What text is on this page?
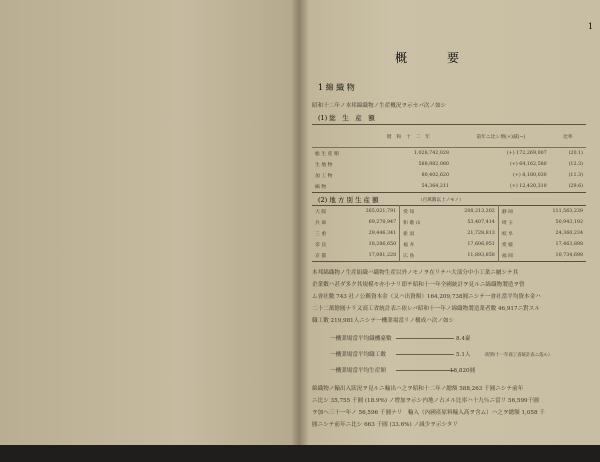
1
概　要
1 綿 織 物
昭和十二年ノ本邦綿織物ノ生産概況ヲ示セバ次ノ如シ
(1) 総　生　産　額
	昭　和　十　二　年	前年ニ比シ増(+)減(−)	比率
総 生 産 額	1,028,742,028	(+) 172,269,007	(20.1)
生 地 物	588,982,080	(+) 64,162,580	(12.3)
加 工 物	80,402,620	(+) 8,180,030	(11.3)
縞 物	54,364,211	(+) 12,420,310	(29.6)
(2) 地 方 別 生 産 額	（百萬圓以上ノモノ）
大 阪	265,021,791	愛 知	208,213,202	静 岡	111,563,239
兵 庫	69,278,947	和 歌 山	53,407,414	埼 玉	50,943,192
三 重	29,446,341	新 潟	21,728,813	岐 阜	24,360,234
奈 良	18,286,650	福 井	17,606,951	愛 媛	17,463,898
京 都	17,081,228	広 島	11,893,858	福 岡	10,734,698
本邦綿織物ノ生産組織ハ織物生産以外ノモノヲ在リテハ大部分中小工業ニ屬シテ其
企業數ハ甚ダ多ク其規模モ亦小ナリ即チ昭和十一年全國統計ヲ見ルニ綿織物製造ヲ營
ム會社數 743 社ノ公稱資本金（又ハ出資額）164,209,738圓ニシテ一會社當平均資本金ハ
二十二萬餘圓ナリ又商工省統計表ニ依レバ昭和十一年ノ綿織物製造業者數 46,917ニ對スル
職工數 219,981人ニシテ一機業場當リノ構成ハ次ノ如シ
一機業場當平均織機臺數	8.4臺
一機業場當平均職工數	5.1人
一機業場當平均生産額	18,820圓
（昭和十一年商工省統計表ニ依ル）
綿織物ノ輸出入狀況ヲ見ルニ輸出ハ之ヲ昭和十二年ノ總額 588,263 千圓ニシテ前年
ニ比シ 35,755 千圓 (18.9%) ノ增加ヲ示シ内地ノ占メル比率ハ十九％ニ當リ 56,599千圓
ヲ加ヘ三十一年ノ 56,596 千圓ナリ　輸入（內國產原料輸入高ヲ含ム）ハ之ヲ總額 1,058 千
圓ニシテ前年ニ比シ 663 千圓 (33.6%) ノ減少ヲ示シタリ
